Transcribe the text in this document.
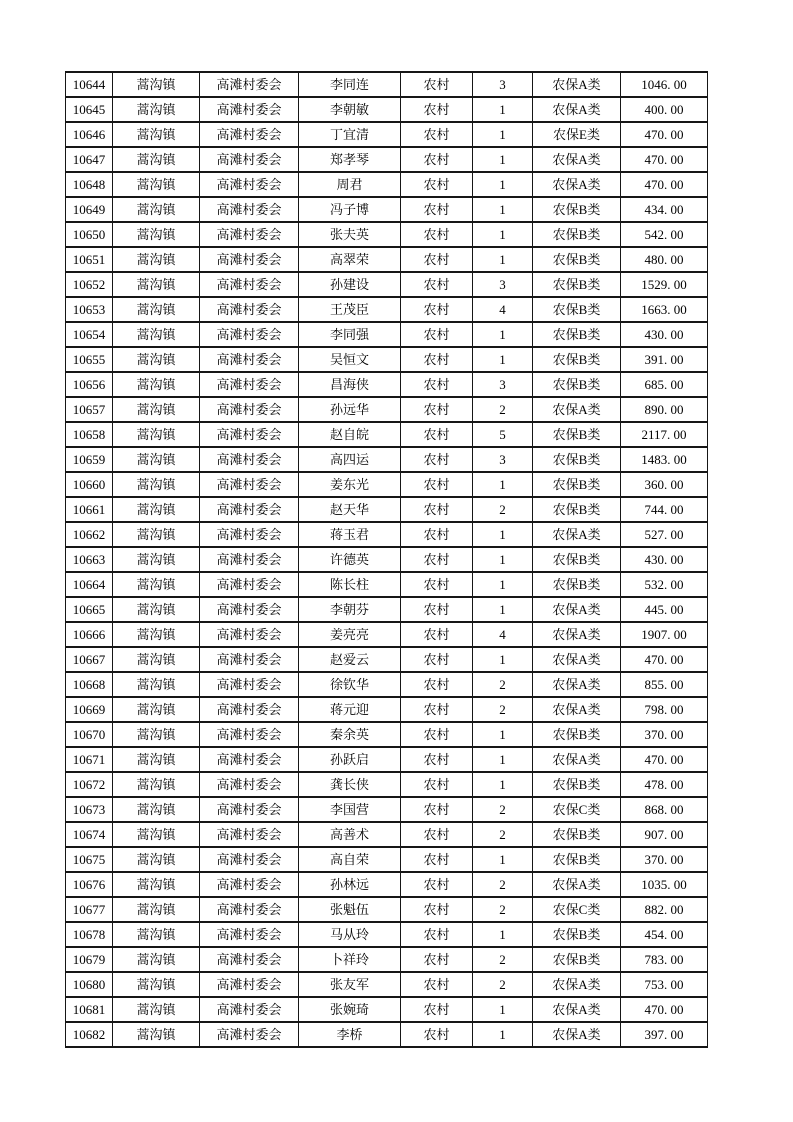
10644	蒿沟镇	高滩村委会	李同连	农村	3	农保A类	1046. 00
10645	蒿沟镇	高滩村委会	李朝敏	农村	1	农保A类	400. 00
10646	蒿沟镇	高滩村委会	丁宜清	农村	1	农保E类	470. 00
10647	蒿沟镇	高滩村委会	郑孝琴	农村	1	农保A类	470. 00
10648	蒿沟镇	高滩村委会	周君	农村	1	农保A类	470. 00
10649	蒿沟镇	高滩村委会	冯子博	农村	1	农保B类	434. 00
10650	蒿沟镇	高滩村委会	张夫英	农村	1	农保B类	542. 00
10651	蒿沟镇	高滩村委会	高翠荣	农村	1	农保B类	480. 00
10652	蒿沟镇	高滩村委会	孙建设	农村	3	农保B类	1529. 00
10653	蒿沟镇	高滩村委会	王茂臣	农村	4	农保B类	1663. 00
10654	蒿沟镇	高滩村委会	李同强	农村	1	农保B类	430. 00
10655	蒿沟镇	高滩村委会	吴恒文	农村	1	农保B类	391. 00
10656	蒿沟镇	高滩村委会	昌海侠	农村	3	农保B类	685. 00
10657	蒿沟镇	高滩村委会	孙远华	农村	2	农保A类	890. 00
10658	蒿沟镇	高滩村委会	赵自皖	农村	5	农保B类	2117. 00
10659	蒿沟镇	高滩村委会	高四运	农村	3	农保B类	1483. 00
10660	蒿沟镇	高滩村委会	姜东光	农村	1	农保B类	360. 00
10661	蒿沟镇	高滩村委会	赵天华	农村	2	农保B类	744. 00
10662	蒿沟镇	高滩村委会	蒋玉君	农村	1	农保A类	527. 00
10663	蒿沟镇	高滩村委会	许德英	农村	1	农保B类	430. 00
10664	蒿沟镇	高滩村委会	陈长柱	农村	1	农保B类	532. 00
10665	蒿沟镇	高滩村委会	李朝芬	农村	1	农保A类	445. 00
10666	蒿沟镇	高滩村委会	姜亮亮	农村	4	农保A类	1907. 00
10667	蒿沟镇	高滩村委会	赵爱云	农村	1	农保A类	470. 00
10668	蒿沟镇	高滩村委会	徐钦华	农村	2	农保A类	855. 00
10669	蒿沟镇	高滩村委会	蒋元迎	农村	2	农保A类	798. 00
10670	蒿沟镇	高滩村委会	秦余英	农村	1	农保B类	370. 00
10671	蒿沟镇	高滩村委会	孙跃启	农村	1	农保A类	470. 00
10672	蒿沟镇	高滩村委会	龚长侠	农村	1	农保B类	478. 00
10673	蒿沟镇	高滩村委会	李国营	农村	2	农保C类	868. 00
10674	蒿沟镇	高滩村委会	高善术	农村	2	农保B类	907. 00
10675	蒿沟镇	高滩村委会	高自荣	农村	1	农保B类	370. 00
10676	蒿沟镇	高滩村委会	孙林远	农村	2	农保A类	1035. 00
10677	蒿沟镇	高滩村委会	张魁伍	农村	2	农保C类	882. 00
10678	蒿沟镇	高滩村委会	马从玲	农村	1	农保B类	454. 00
10679	蒿沟镇	高滩村委会	卜祥玲	农村	2	农保B类	783. 00
10680	蒿沟镇	高滩村委会	张友军	农村	2	农保A类	753. 00
10681	蒿沟镇	高滩村委会	张婉琦	农村	1	农保A类	470. 00
10682	蒿沟镇	高滩村委会	李桥	农村	1	农保A类	397. 00
